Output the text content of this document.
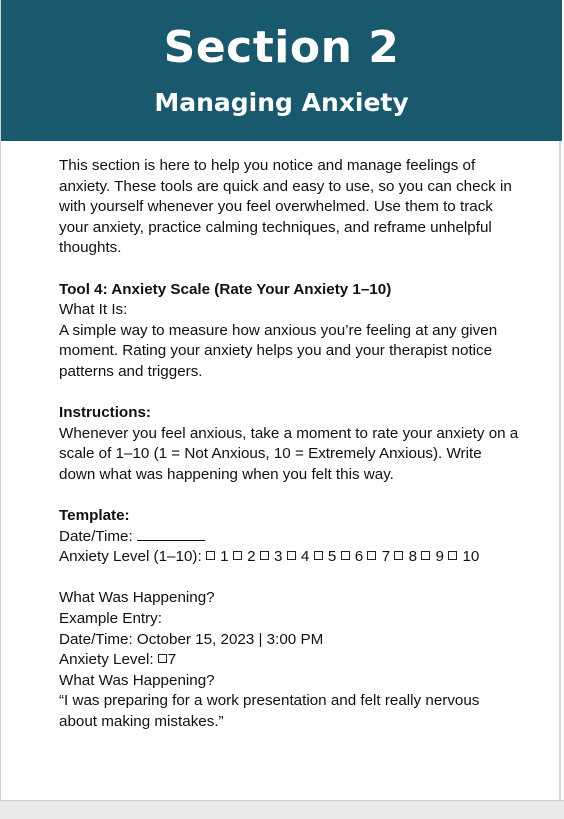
Section 2
Managing Anxiety

This section is here to help you notice and manage feelings of anxiety. These tools are quick and easy to use, so you can check in with yourself whenever you feel overwhelmed. Use them to track your anxiety, practice calming techniques, and reframe unhelpful thoughts.

Tool 4: Anxiety Scale (Rate Your Anxiety 1–10)

What It Is:

A simple way to measure how anxious you’re feeling at any given moment. Rating your anxiety helps you and your therapist notice patterns and triggers.

Instructions:

Whenever you feel anxious, take a moment to rate your anxiety on a scale of 1–10 (1 = Not Anxious, 10 = Extremely Anxious). Write down what was happening when you felt this way.

Template:

Date/Time:

Anxiety Level (1–10): 1 2 3 4 5 6 7 8 9 10

What Was Happening?

Example Entry:

Date/Time: October 15, 2023 | 3:00 PM

Anxiety Level: 7

What Was Happening?

“I was preparing for a work presentation and felt really nervous about making mistakes.”
